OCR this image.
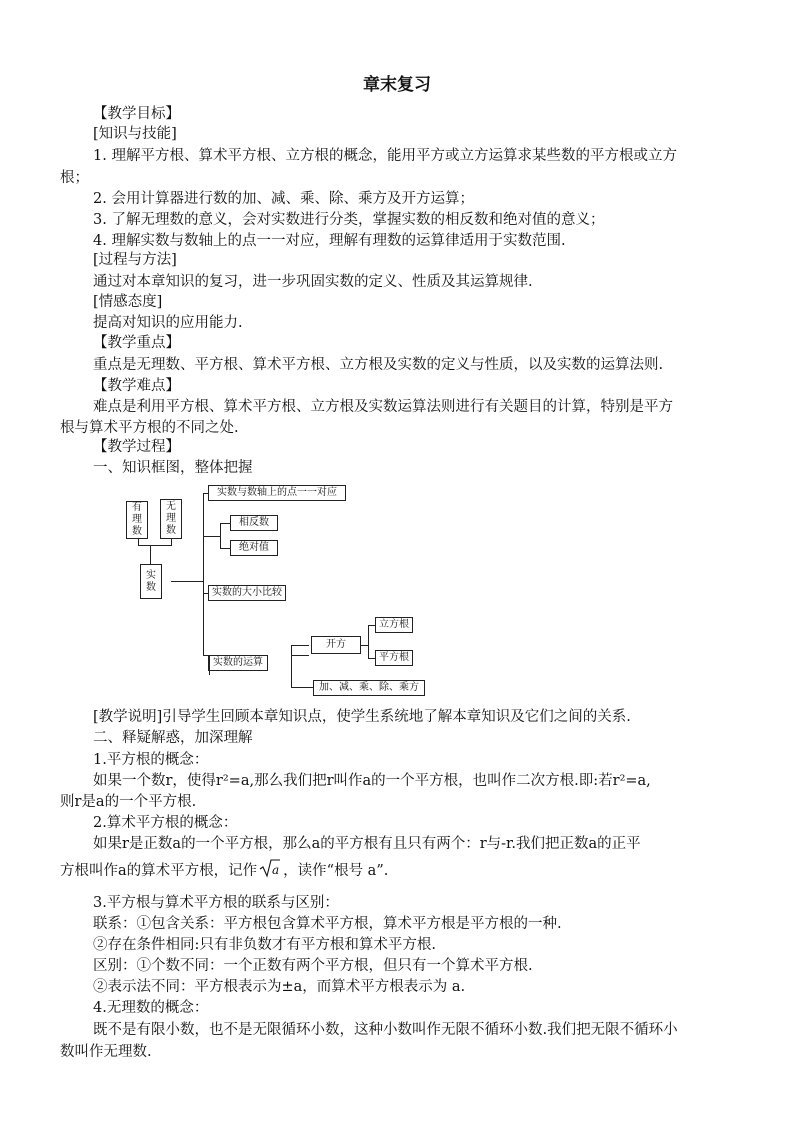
章末复习
【教学目标】
[知识与技能]
1. 理解平方根、算术平方根、立方根的概念，能用平方或立方运算求某些数的平方根或立方
根；
2. 会用计算器进行数的加、减、乘、除、乘方及开方运算；
3. 了解无理数的意义，会对实数进行分类，掌握实数的相反数和绝对值的意义；
4. 理解实数与数轴上的点一一对应，理解有理数的运算律适用于实数范围.
[过程与方法]
通过对本章知识的复习，进一步巩固实数的定义、性质及其运算规律.
[情感态度]
提高对知识的应用能力.
【教学重点】
重点是无理数、平方根、算术平方根、立方根及实数的定义与性质，以及实数的运算法则.
【教学难点】
难点是利用平方根、算术平方根、立方根及实数运算法则进行有关题目的计算，特别是平方
根与算术平方根的不同之处.
【教学过程】
一、知识框图，整体把握
有
理
数
无
理
数
实
数
实数与数轴上的点一一对应
相反数
绝对值
实数的大小比较
实数的运算
开方
立方根
平方根
加、减、乘、除、乘方
[教学说明]引导学生回顾本章知识点，使学生系统地了解本章知识及它们之间的关系.
二、释疑解惑，加深理解
1.平方根的概念：
如果一个数r，使得r²=a,那么我们把r叫作a的一个平方根，也叫作二次方根.即:若r²=a,
则r是a的一个平方根.
2.算术平方根的概念：
如果r是正数a的一个平方根，那么a的平方根有且只有两个：r与-r.我们把正数a的正平
方根叫作a的算术平方根，记作 a ，读作“根号 a”.
3.平方根与算术平方根的联系与区别：
联系：①包含关系：平方根包含算术平方根，算术平方根是平方根的一种.
②存在条件相同:只有非负数才有平方根和算术平方根.
区别：①个数不同：一个正数有两个平方根，但只有一个算术平方根.
②表示法不同：平方根表示为±a，而算术平方根表示为 a.
4.无理数的概念：
既不是有限小数，也不是无限循环小数，这种小数叫作无限不循环小数.我们把无限不循环小
数叫作无理数.
